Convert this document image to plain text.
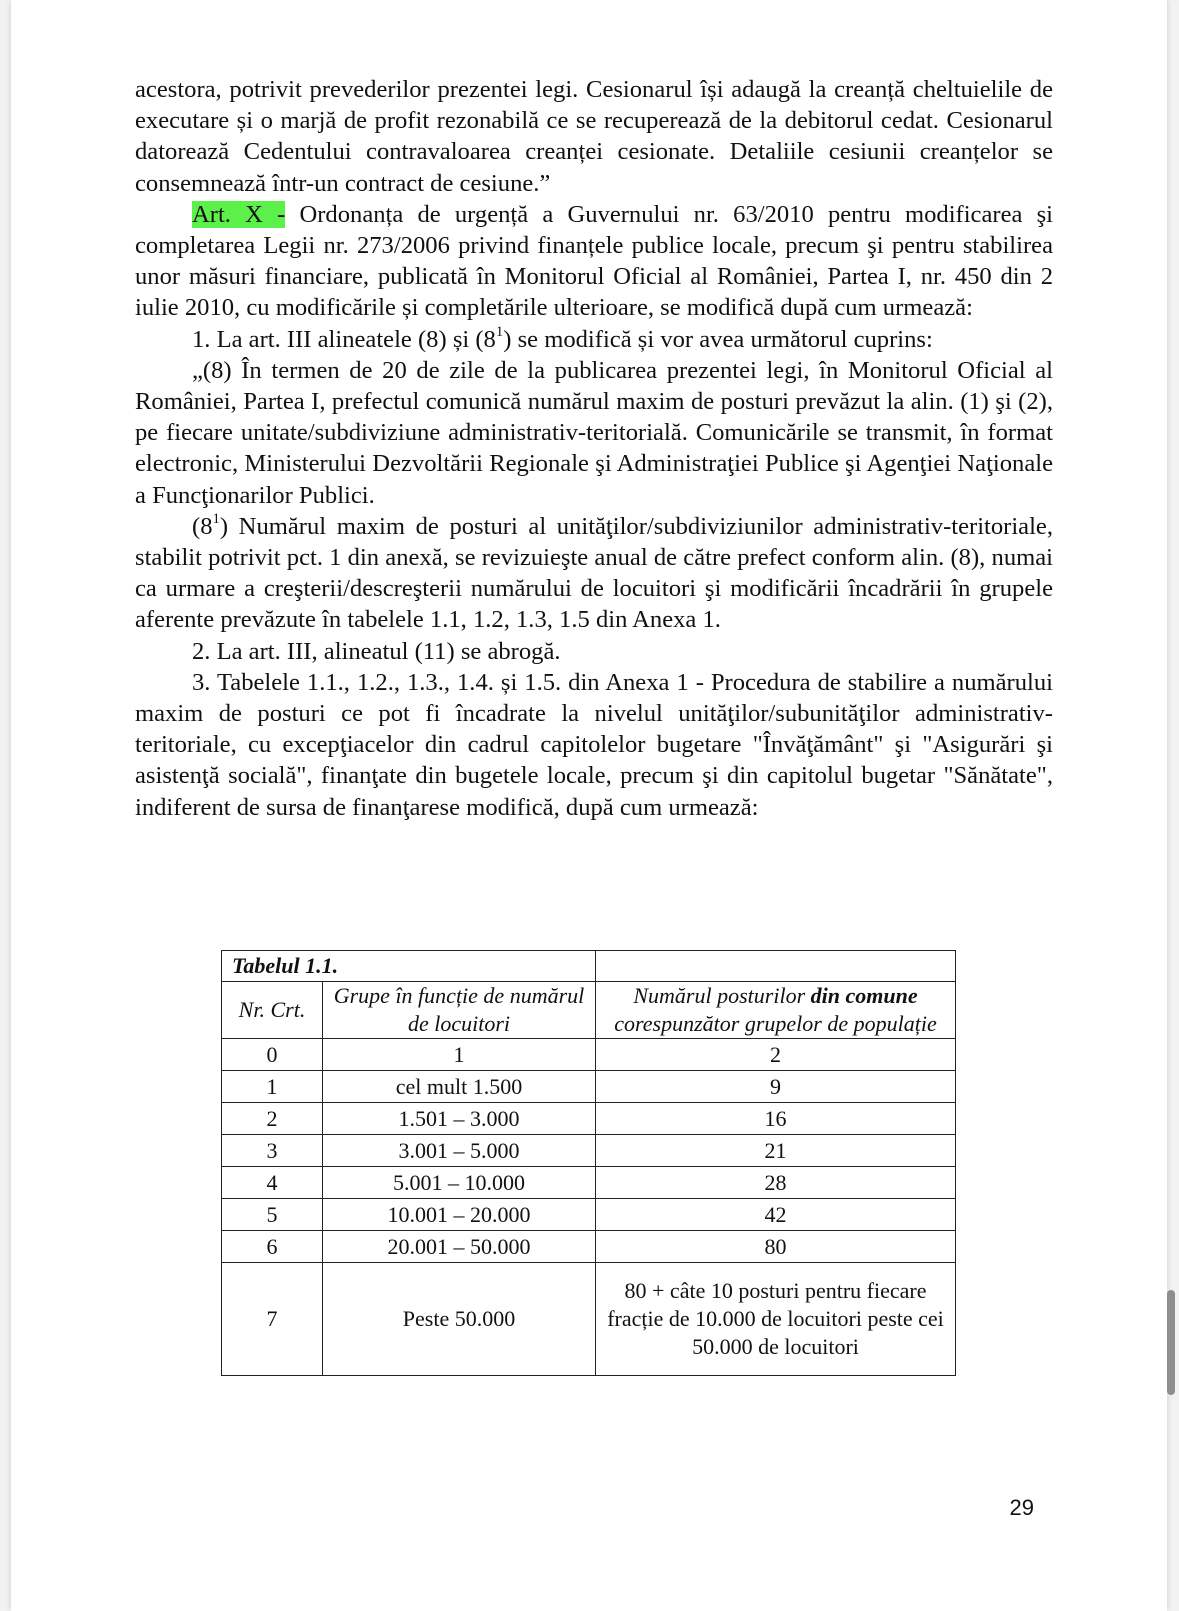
acestora, potrivit prevederilor prezentei legi. Cesionarul își adaugă la creanță cheltuielile de executare și o marjă de profit rezonabilă ce se recuperează de la debitorul cedat. Cesionarul datorează Cedentului contravaloarea creanței cesionate. Detaliile cesiunii creanțelor se consemnează într-un contract de cesiune.”

Art. X - Ordonanța de urgență a Guvernului nr. 63/2010 pentru modificarea şi completarea Legii nr. 273/2006 privind finanțele publice locale, precum şi pentru stabilirea unor măsuri financiare, publicată în Monitorul Oficial al României, Partea I, nr. 450 din 2 iulie 2010, cu modificările și completările ulterioare, se modifică după cum urmează:

1. La art. III alineatele (8) și $(8^1)$ se modifică și vor avea următorul cuprins:

„(8) În termen de 20 de zile de la publicarea prezentei legi, în Monitorul Oficial al României, Partea I, prefectul comunică numărul maxim de posturi prevăzut la alin. (1) şi (2), pe fiecare unitate/subdiviziune administrativ-teritorială. Comunicările se transmit, în format electronic, Ministerului Dezvoltării Regionale şi Administraţiei Publice şi Agenţiei Naţionale a Funcţionarilor Publici.

$(8^1)$ Numărul maxim de posturi al unităţilor/subdiviziunilor administrativ-teritoriale, stabilit potrivit pct. 1 din anexă, se revizuieşte anual de către prefect conform alin. (8), numai ca urmare a creşterii/descreşterii numărului de locuitori şi modificării încadrării în grupele aferente prevăzute în tabelele 1.1, 1.2, 1.3, 1.5 din Anexa 1.

2. La art. III, alineatul (11) se abrogă.

3. Tabelele 1.1., 1.2., 1.3., 1.4. și 1.5. din Anexa 1 - Procedura de stabilire a numărului maxim de posturi ce pot fi încadrate la nivelul unităţilor/subunităţilor administrativ-teritoriale, cu excepţiacelor din cadrul capitolelor bugetare "Învăţământ" şi "Asigurări şi asistenţă socială", finanţate din bugetele locale, precum şi din capitolul bugetar "Sănătate", indiferent de sursa de finanţarese modifică, după cum urmează:

Tabelul 1.1.		
Nr. Crt.	Grupe în funcție de numărul de locuitori	Numărul posturilor din comune corespunzător grupelor de populație
0	1	2
1	cel mult 1.500	9
2	1.501 – 3.000	16
3	3.001 – 5.000	21
4	5.001 – 10.000	28
5	10.001 – 20.000	42
6	20.001 – 50.000	80
7	Peste 50.000	80 + câte 10 posturi pentru fiecare fracție de 10.000 de locuitori peste cei 50.000 de locuitori
29
